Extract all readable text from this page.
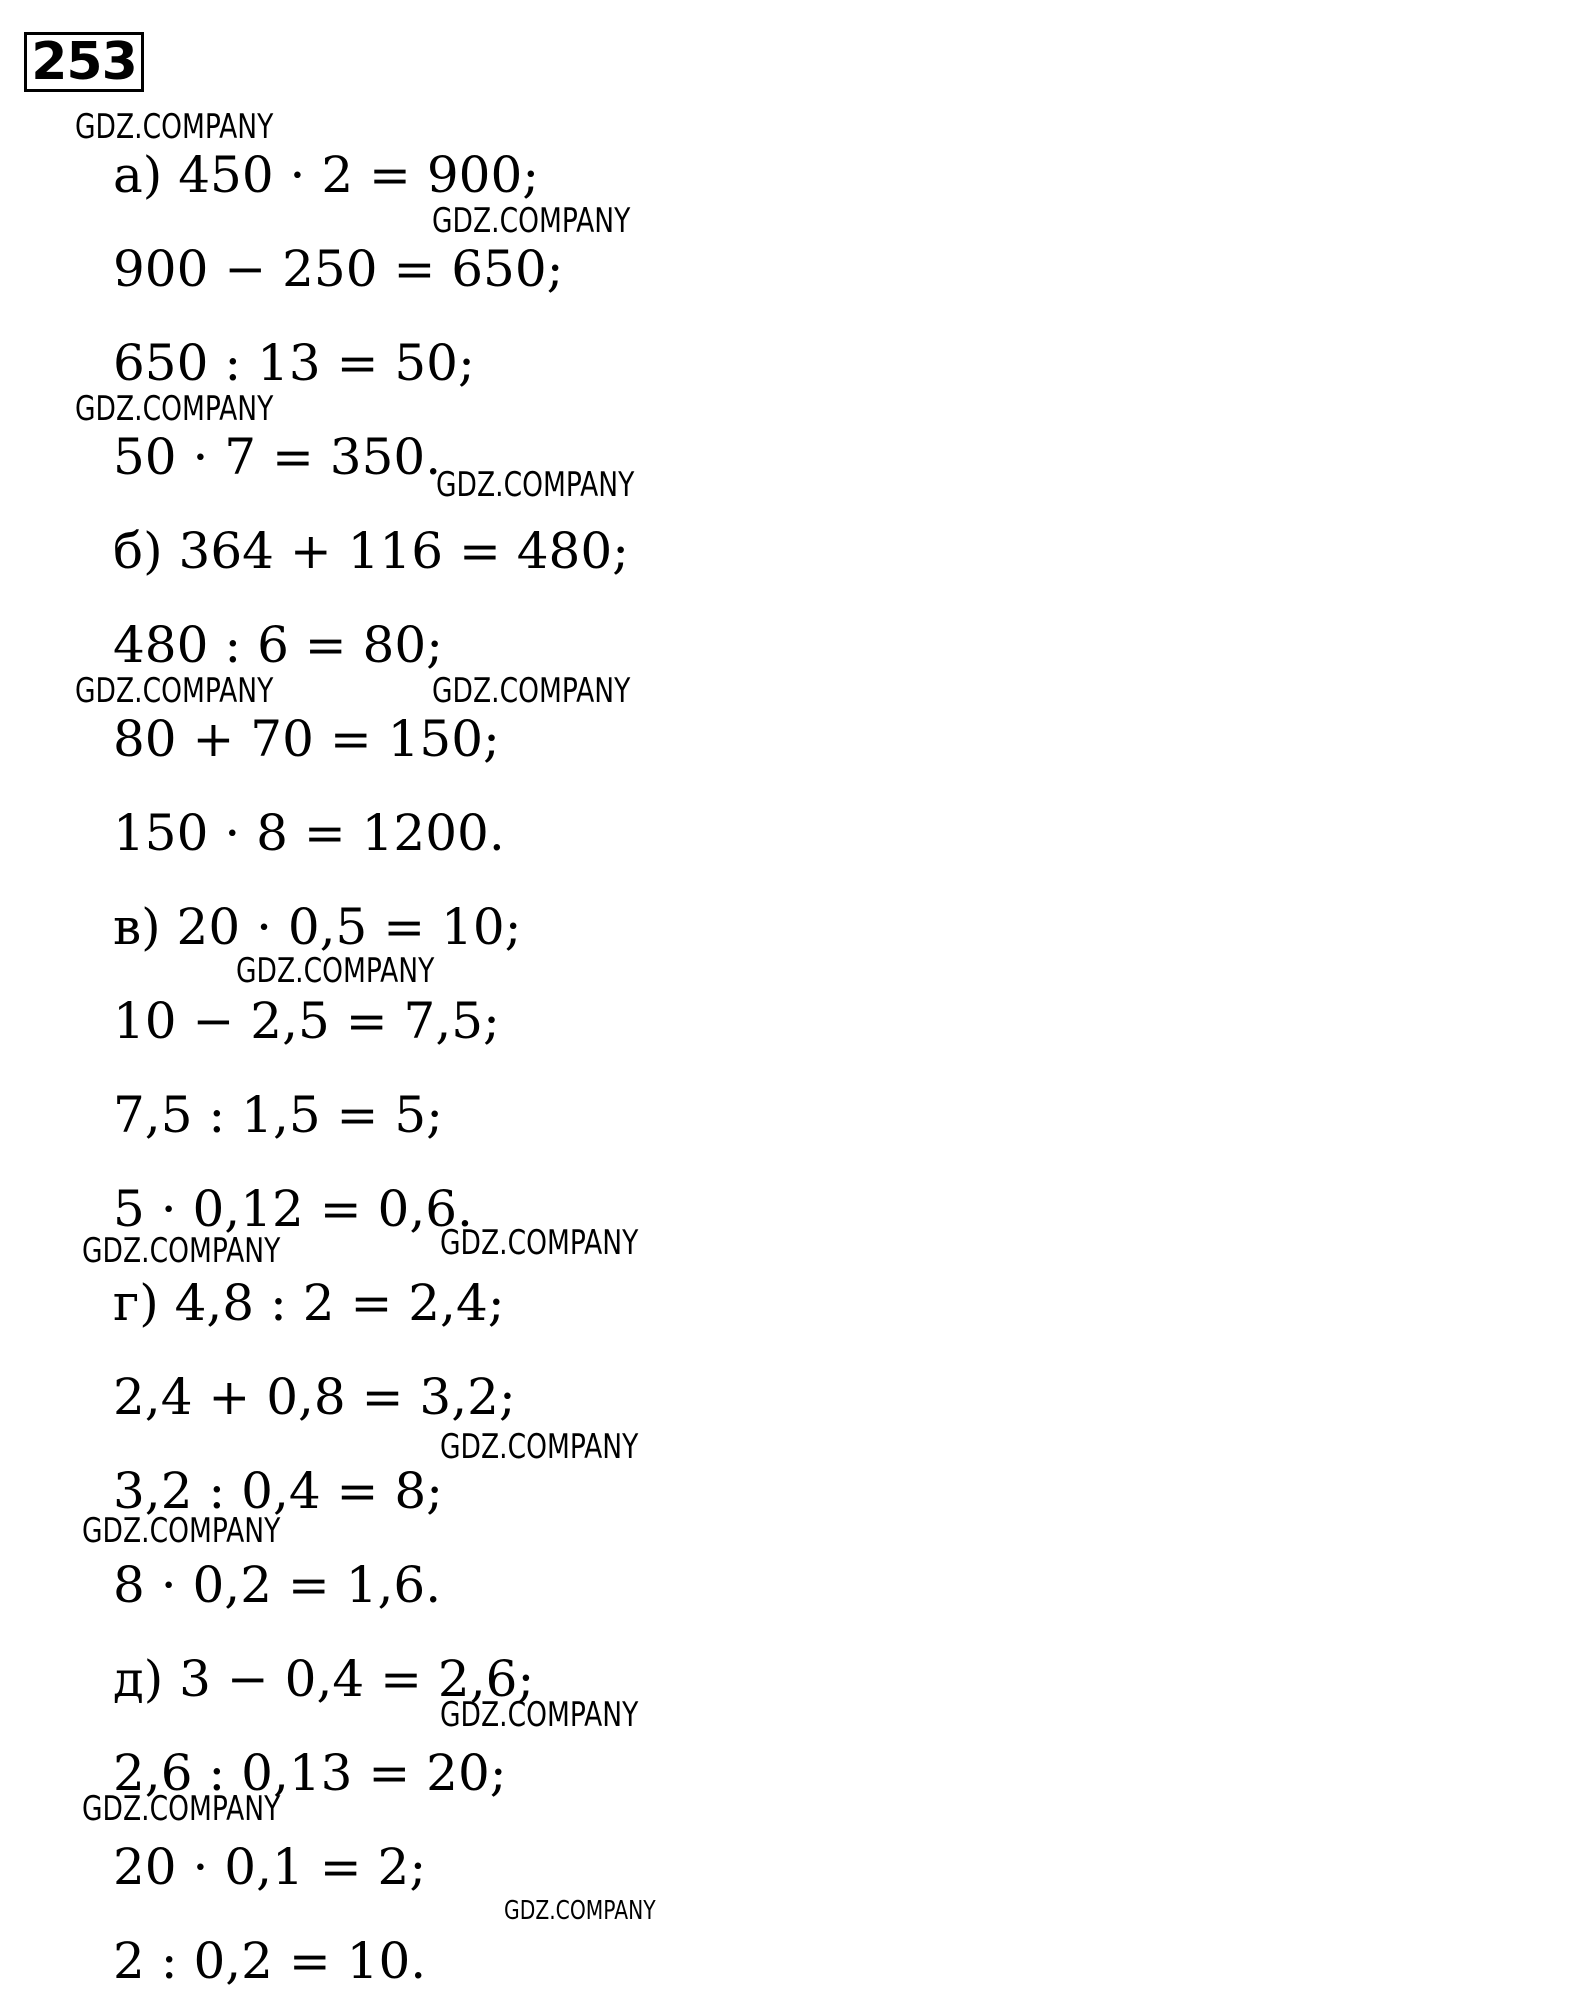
253
а) 450 · 2 = 900;
900 − 250 = 650;
650 : 13 = 50;
50 · 7 = 350.
б) 364 + 116 = 480;
480 : 6 = 80;
80 + 70 = 150;
150 · 8 = 1200.
в) 20 · 0,5 = 10;
10 − 2,5 = 7,5;
7,5 : 1,5 = 5;
5 · 0,12 = 0,6.
г) 4,8 : 2 = 2,4;
2,4 + 0,8 = 3,2;
3,2 : 0,4 = 8;
8 · 0,2 = 1,6.
д) 3 − 0,4 = 2,6;
2,6 : 0,13 = 20;
20 · 0,1 = 2;
2 : 0,2 = 10.
GDZ.COMPANY
GDZ.COMPANY
GDZ.COMPANY
GDZ.COMPANY
GDZ.COMPANY	GDZ.COMPANY
GDZ.COMPANY
GDZ.COMPANY	GDZ.COMPANY
GDZ.COMPANY
GDZ.COMPANY
GDZ.COMPANY
GDZ.COMPANY
GDZ.COMPANY
